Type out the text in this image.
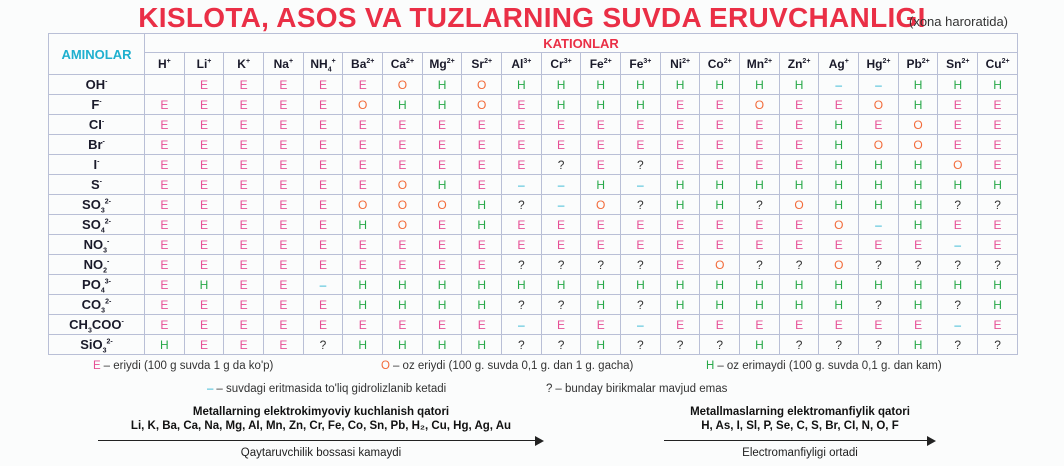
KISLOTA, ASOS VA TUZLARNING SUVDA ERUVCHANLIGI
(xona haroratida)
AMINOLAR	KATIONLAR																					
	H+	Li+	K+	Na+	$NH_4^+$	$Ba^{2+}$	$Ca^{2+}$	$Mg^{2+}$	$Sr^{2+}$	$Al^{3+}$	$Cr^{3+}$	$Fe^{2+}$	$Fe^{3+}$	$Ni^{2+}$	$Co^{2+}$	$Mn^{2+}$	$Zn^{2+}$	Ag+	$Hg^{2+}$	$Pb^{2+}$	$Sn^{2+}$	$Cu^{2+}$
OH-		E	E	E	E	E	O	H	O	H	H	H	H	H	H	H	H	–	–	H	H	H
F-	E	E	E	E	E	O	H	H	O	E	H	H	H	E	E	O	E	E	O	H	E	E
CI-	E	E	E	E	E	E	E	E	E	E	E	E	E	E	E	E	E	H	E	O	E	E
Br-	E	E	E	E	E	E	E	E	E	E	E	E	E	E	E	E	E	H	O	O	E	E
I-	E	E	E	E	E	E	E	E	E	E	?	E	?	E	E	E	E	H	H	H	O	E
S-	E	E	E	E	E	E	O	H	E	–	–	H	–	H	H	H	H	H	H	H	H	H
$SO_3^{2-}$	E	E	E	E	E	O	O	O	H	?	–	O	?	H	H	?	O	H	H	H	?	?
$SO_4^{2-}$	E	E	E	E	E	H	O	E	H	E	E	E	E	E	E	E	E	O	–	H	E	E
$NO_3^-$	E	E	E	E	E	E	E	E	E	E	E	E	E	E	E	E	E	E	E	E	–	E
$NO_2^-$	E	E	E	E	E	E	E	E	E	?	?	?	?	E	O	?	?	O	?	?	?	?
$PO_4^{3-}$	E	H	E	E	–	H	H	H	H	H	H	H	H	H	H	H	H	H	H	H	H	H
$CO_3^{2-}$	E	E	E	E	E	H	H	H	H	?	?	H	?	H	H	H	H	H	?	H	?	H
$CH_3COO^-$	E	E	E	E	E	E	E	E	E	–	E	E	–	E	E	E	E	E	E	E	–	E
SiO$_3^{2-}$	H	E	E	E	?	H	H	H	H	?	?	H	?	?	?	H	?	?	?	H	?	?
E – eriydi (100 g suvda 1 g da ko'p)	O – oz eriydi (100 g. suvda 0,1 g. dan 1 g. gacha)	H – oz erimaydi (100 g. suvda 0,1 g. dan kam)
– – suvdagi eritmasida to'liq gidrolizlanib ketadi	? – bunday birikmalar mavjud emas
Metallarning elektrokimyoviy kuchlanish qatori
Li, K, Ba, Ca, Na, Mg, AI, Mn, Zn, Cr, Fe, Co, Sn, Pb, H₂, Cu, Hg, Ag, Au
Qaytaruvchilik bossasi kamaydi
Metallmaslarning elektromanfiylik qatori
H, As, I, Sl, P, Se, C, S, Br, CI, N, O, F
Electromanfiyligi ortadi
